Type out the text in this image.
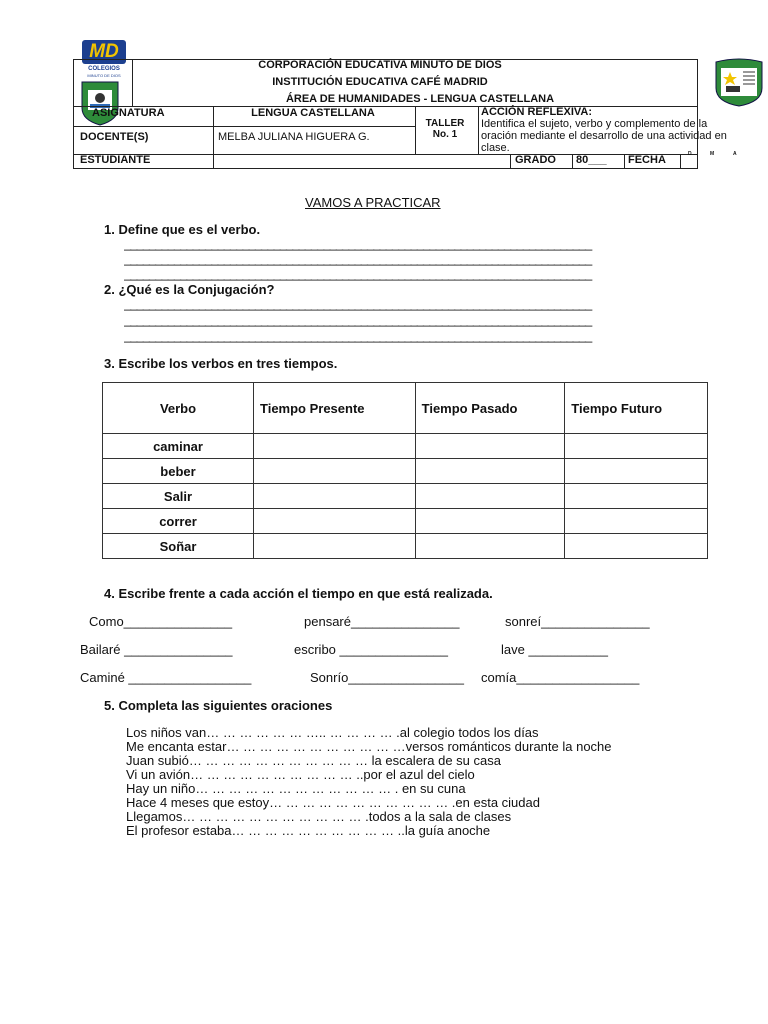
MD
COLEGIOS
MINUTO DE DIOS
CORPORACIÓN EDUCATIVA MINUTO DE DIOS
INSTITUCIÓN EDUCATIVA CAFÉ MADRID
ÁREA DE HUMANIDADES - LENGUA CASTELLANA
ASIGNATURA	LENGUA CASTELLANA
DOCENTE(S)	MELBA JULIANA HIGUERA G.
TALLER
No. 1
ACCIÓN REFLEXIVA:
Identifica el sujeto, verbo y complemento de la oración mediante el desarrollo de una actividad en clase.
ESTUDIANTE	GRADO 80___ FECHA	D	M	A
VAMOS A PRACTICAR
1. Define que es el verbo.
___________________________________________________________________________
___________________________________________________________________________
___________________________________________________________________________
2. ¿Qué es la Conjugación?
___________________________________________________________________________
___________________________________________________________________________
___________________________________________________________________________
3. Escribe los verbos en tres tiempos.
Verbo	Tiempo Presente	Tiempo Pasado	Tiempo Futuro
caminar			
beber			
Salir			
correr			
Soñar			
4. Escribe frente a cada acción el tiempo en que está realizada.
Como_______________	pensaré_______________	sonreí_______________
Bailaré _______________	escribo _______________	lave ___________
Caminé _________________	Sonrío________________ comía_________________
5. Completa las siguientes oraciones
Los niños van… … … … … … ….. … … … … .al colegio todos los días
Me encanta estar… … … … … … … … … … …versos románticos durante la noche
Juan subió… … … … … … … … … … … la escalera de su casa
Vi un avión… … … … … … … … … … ..por el azul del cielo
Hay un niño… … … … … … … … … … … … . en su cuna
Hace 4 meses que estoy… … … … … … … … … … … .en esta ciudad
Llegamos… … … … … … … … … … … .todos a la sala de clases
El profesor estaba… … … … … … … … … … ..la guía anoche
